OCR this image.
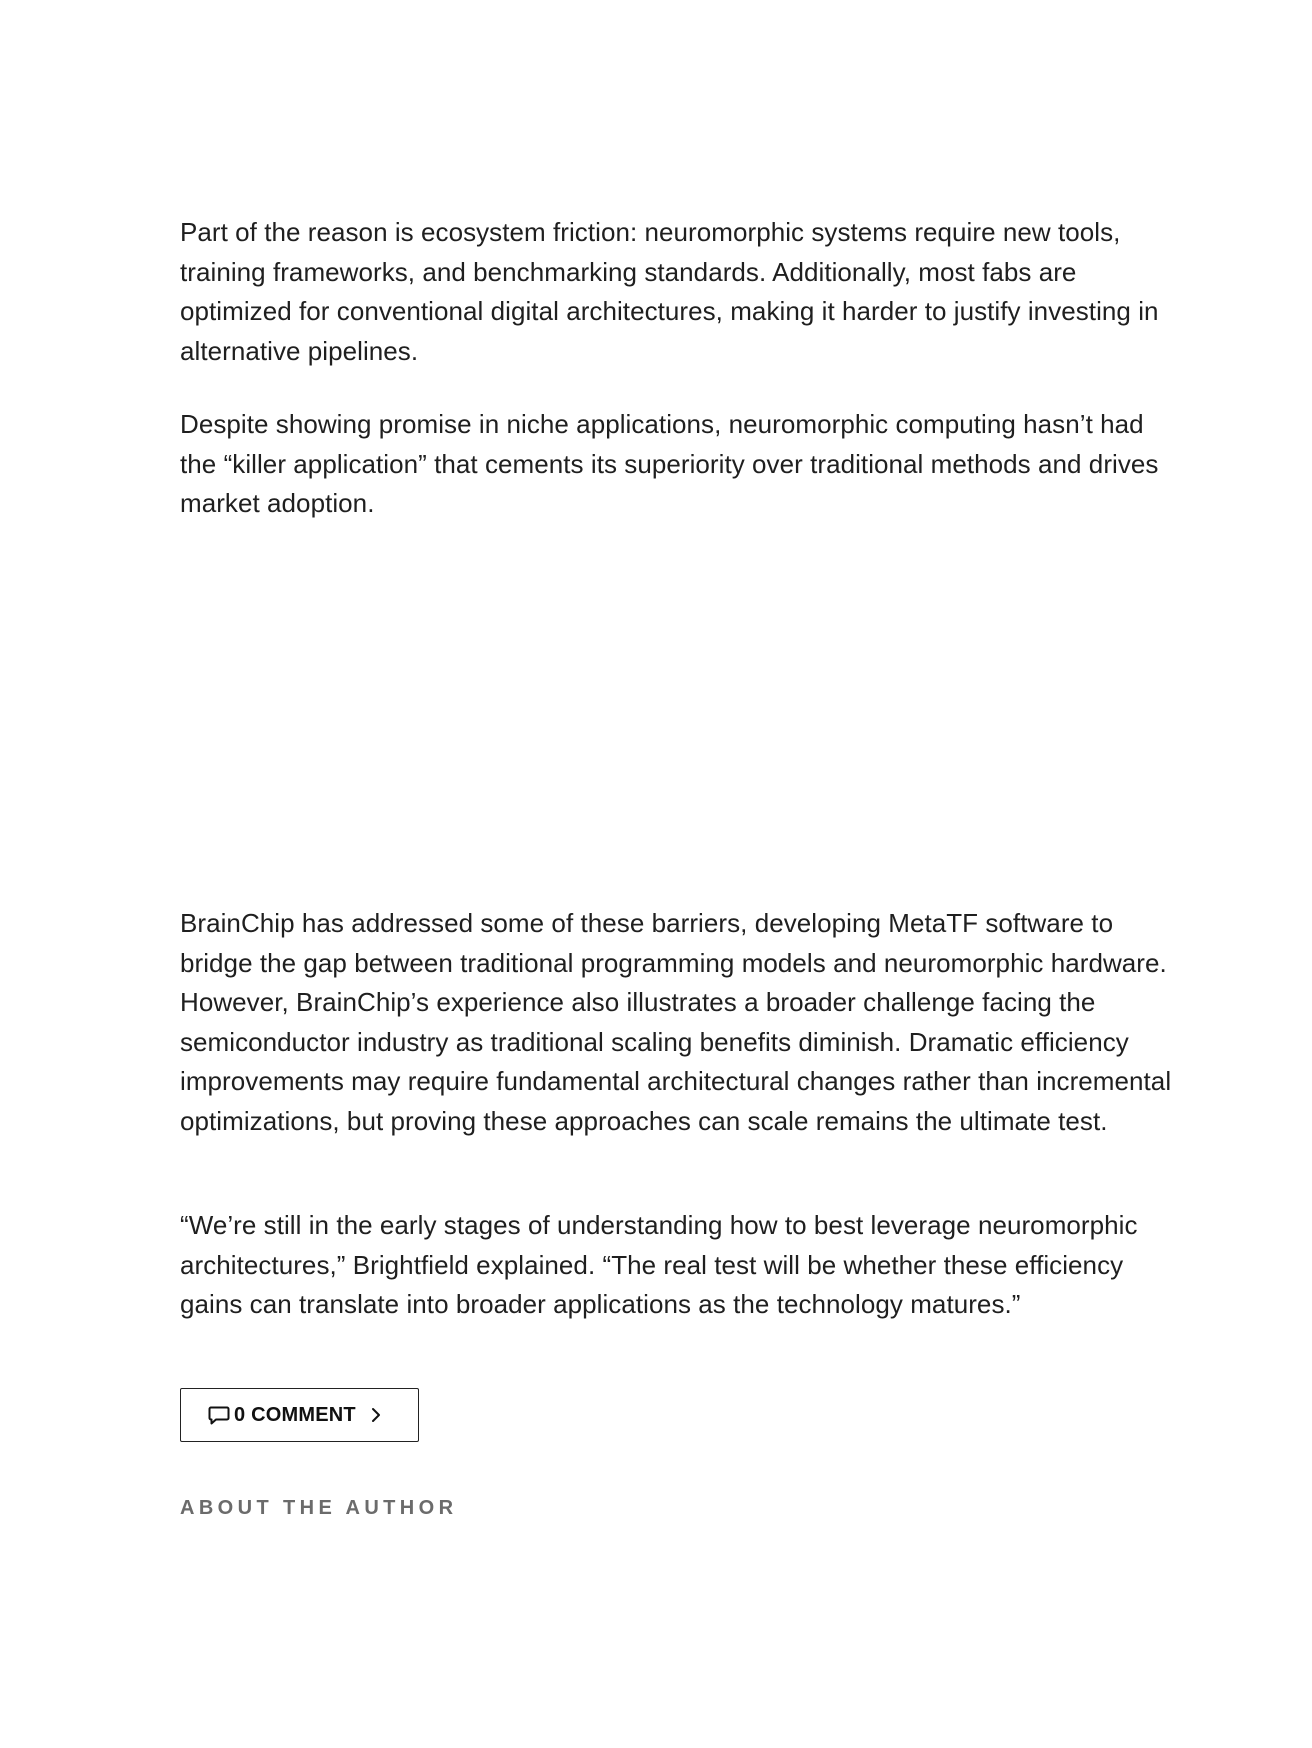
Part of the reason is ecosystem friction: neuromorphic systems require new tools, training frameworks, and benchmarking standards. Additionally, most fabs are optimized for conventional digital architectures, making it harder to justify investing in alternative pipelines.

Despite showing promise in niche applications, neuromorphic computing hasn’t had the “killer application” that cements its superiority over traditional methods and drives market adoption.

BrainChip has addressed some of these barriers, developing MetaTF software to bridge the gap between traditional programming models and neuromorphic hardware. However, BrainChip’s experience also illustrates a broader challenge facing the semiconductor industry as traditional scaling benefits diminish. Dramatic efficiency improvements may require fundamental architectural changes rather than incremental optimizations, but proving these approaches can scale remains the ultimate test.

“We’re still in the early stages of understanding how to best leverage neuromorphic architectures,” Brightfield explained. “The real test will be whether these efficiency gains can translate into broader applications as the technology matures.”

0 COMMENT
ABOUT THE AUTHOR
